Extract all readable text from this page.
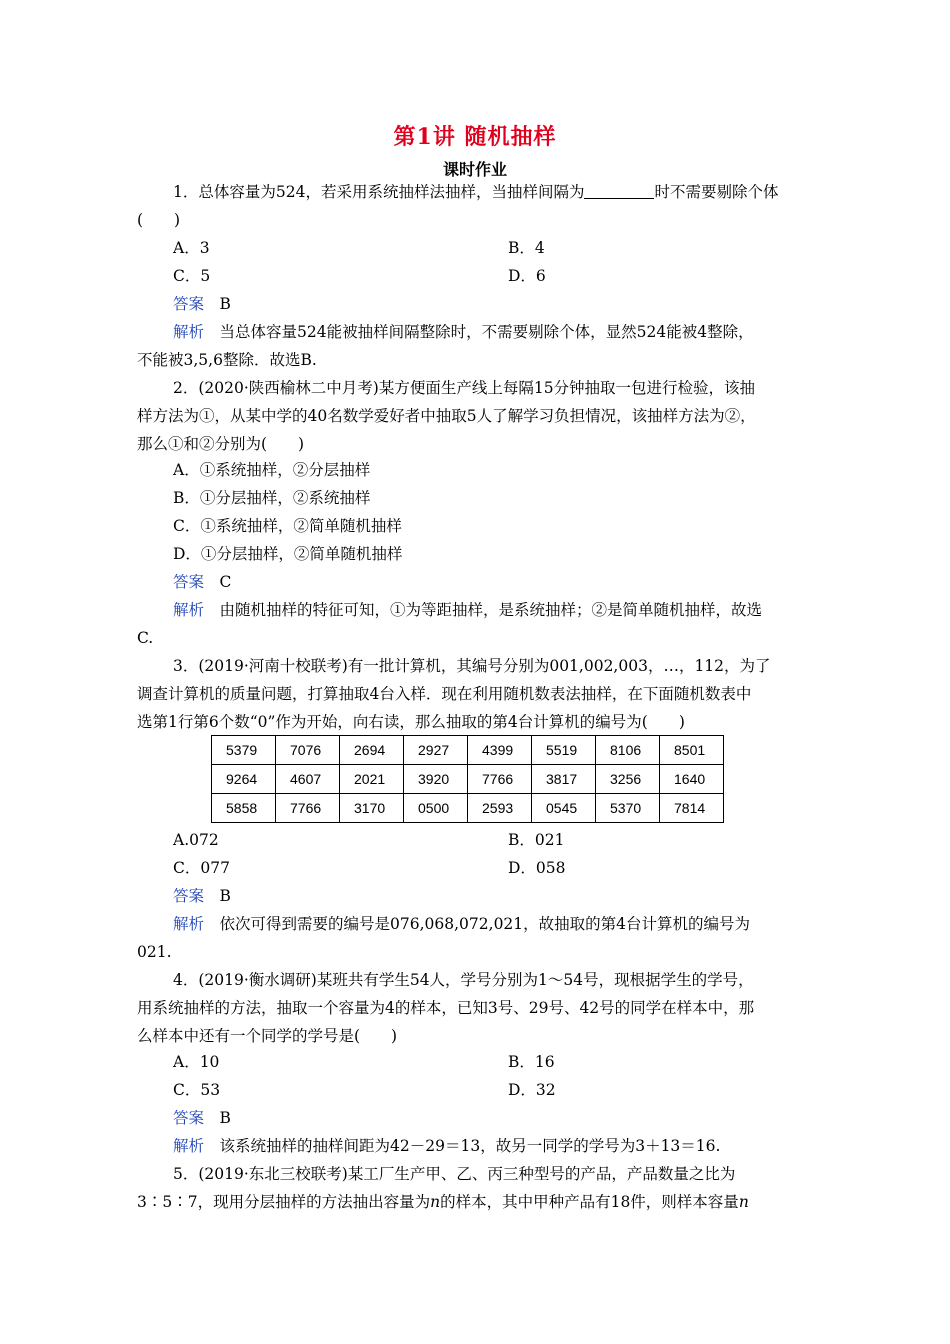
第1讲 随机抽样
课时作业
1．总体容量为524，若采用系统抽样法抽样，当抽样间隔为	时不需要剔除个体
(　　)
A．3	B．4
C．5	D．6
答案　 B
解析　 当总体容量524能被抽样间隔整除时，不需要剔除个体，显然524能被4整除，
不能被3,5,6整除．故选B.
2．(2020·陕西榆林二中月考)某方便面生产线上每隔15分钟抽取一包进行检验，该抽
样方法为①，从某中学的40名数学爱好者中抽取5人了解学习负担情况，该抽样方法为②，
那么①和②分别为(　　)
A．①系统抽样，②分层抽样
B．①分层抽样，②系统抽样
C．①系统抽样，②简单随机抽样
D．①分层抽样，②简单随机抽样
答案　 C
解析　 由随机抽样的特征可知，①为等距抽样，是系统抽样；②是简单随机抽样，故选
C.
3．(2019·河南十校联考)有一批计算机，其编号分别为001,002,003，…，112，为了
调查计算机的质量问题，打算抽取4台入样．现在利用随机数表法抽样，在下面随机数表中
选第1行第6个数“0”作为开始，向右读，那么抽取的第4台计算机的编号为(　　)
5379	7076	2694	2927	4399	5519	8106	8501
9264	4607	2021	3920	7766	3817	3256	1640
5858	7766	3170	0500	2593	0545	5370	7814
A.072	B．021
C．077	D．058
答案　 B
解析　 依次可得到需要的编号是076,068,072,021，故抽取的第4台计算机的编号为
021.
4．(2019·衡水调研)某班共有学生54人，学号分别为1～54号，现根据学生的学号，
用系统抽样的方法，抽取一个容量为4的样本，已知3号、29号、42号的同学在样本中，那
么样本中还有一个同学的学号是(　　)
A．10	B．16
C．53	D．32
答案　 B
解析　 该系统抽样的抽样间距为42－29＝13，故另一同学的学号为3＋13＝16.
5．(2019·东北三校联考)某工厂生产甲、乙、丙三种型号的产品，产品数量之比为
3∶5∶7，现用分层抽样的方法抽出容量为n的样本，其中甲种产品有18件，则样本容量n
